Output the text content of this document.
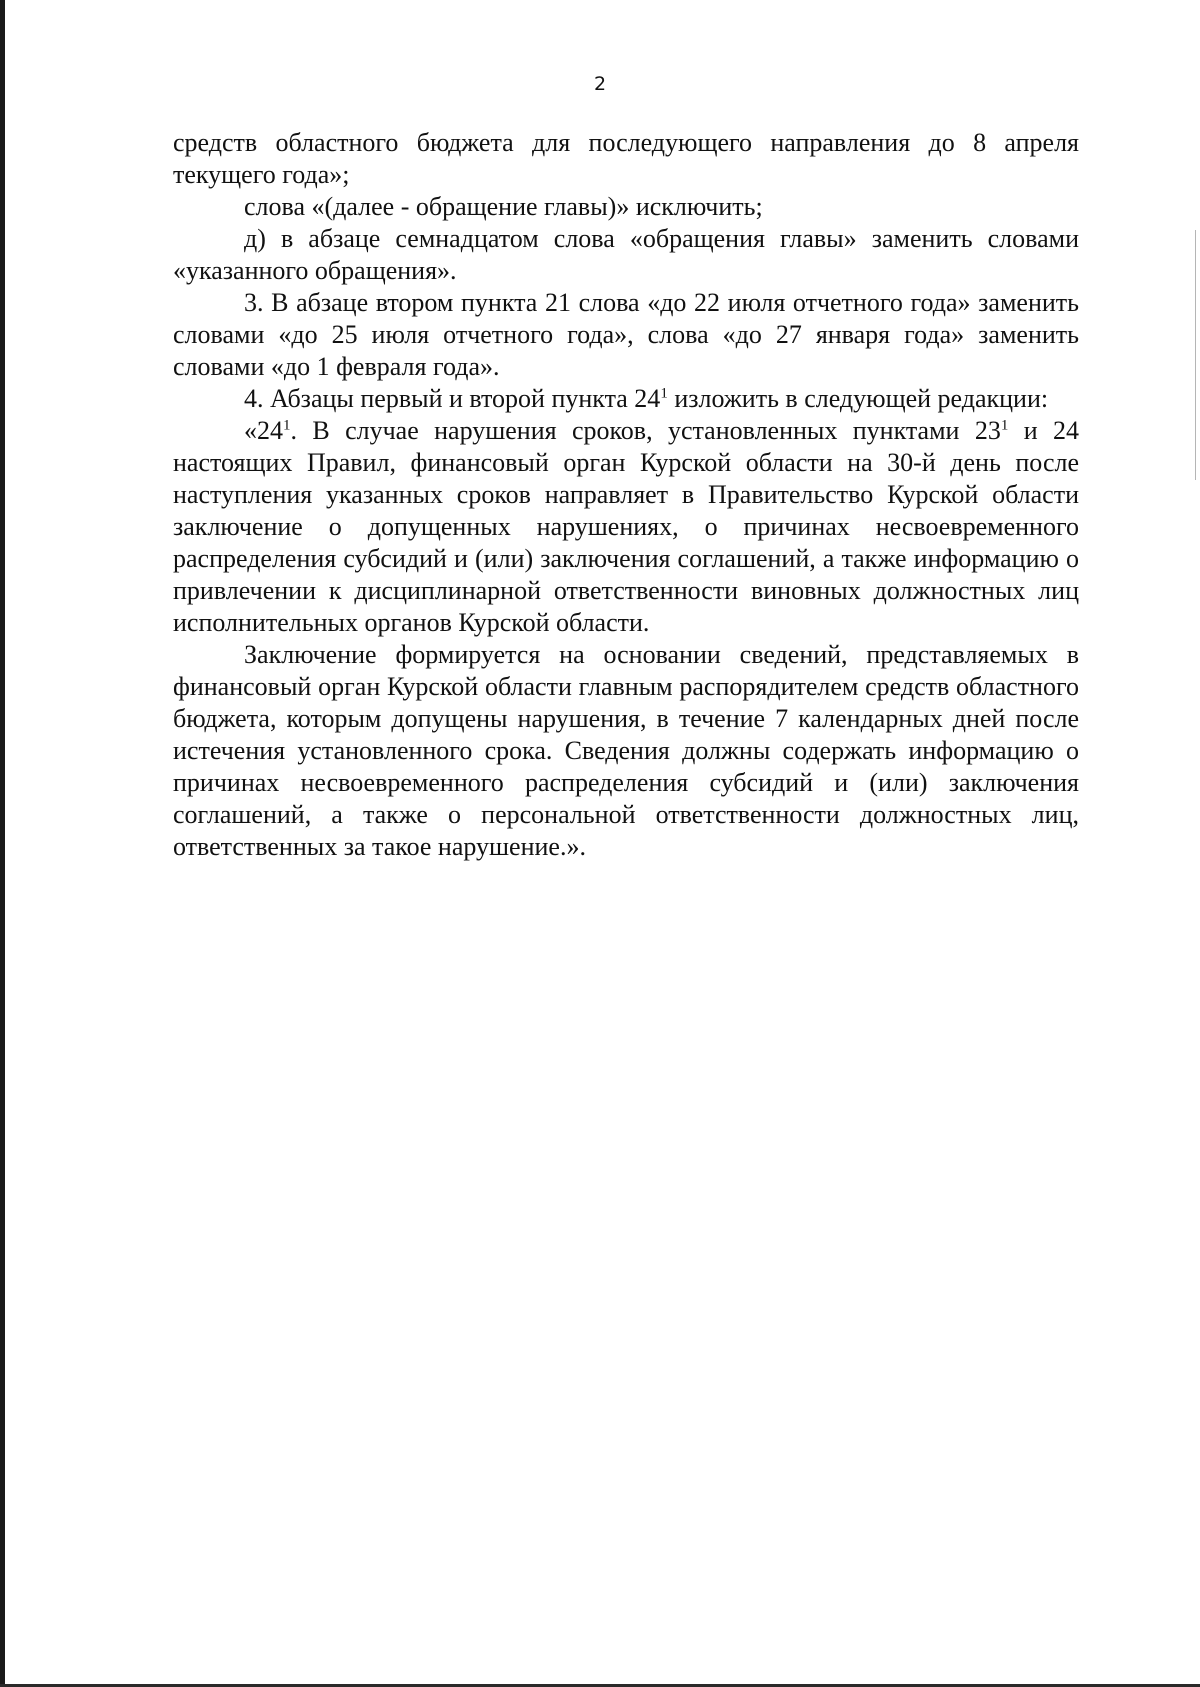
2

средств областного бюджета для последующего направления до 8 апреля текущего года»;

слова «(далее - обращение главы)» исключить;

д) в абзаце семнадцатом слова «обращения главы» заменить словами «указанного обращения».

3. В абзаце втором пункта 21 слова «до 22 июля отчетного года» заменить словами «до 25 июля отчетного года», слова «до 27 января года» заменить словами «до 1 февраля года».

4. Абзацы первый и второй пункта $24^1$ изложить в следующей редакции:

«$24^1$. В случае нарушения сроков, установленных пунктами $23^1$ и 24 настоящих Правил, финансовый орган Курской области на 30-й день после наступления указанных сроков направляет в Правительство Курской области заключение о допущенных нарушениях, о причинах несвоевременного распределения субсидий и (или) заключения соглашений, а также информацию о привлечении к дисциплинарной ответственности виновных должностных лиц исполнительных органов Курской области.

Заключение формируется на основании сведений, представляемых в финансовый орган Курской области главным распорядителем средств областного бюджета, которым допущены нарушения, в течение 7 календарных дней после истечения установленного срока. Сведения должны содержать информацию о причинах несвоевременного распределения субсидий и (или) заключения соглашений, а также о персональной ответственности должностных лиц, ответственных за такое нарушение.».
